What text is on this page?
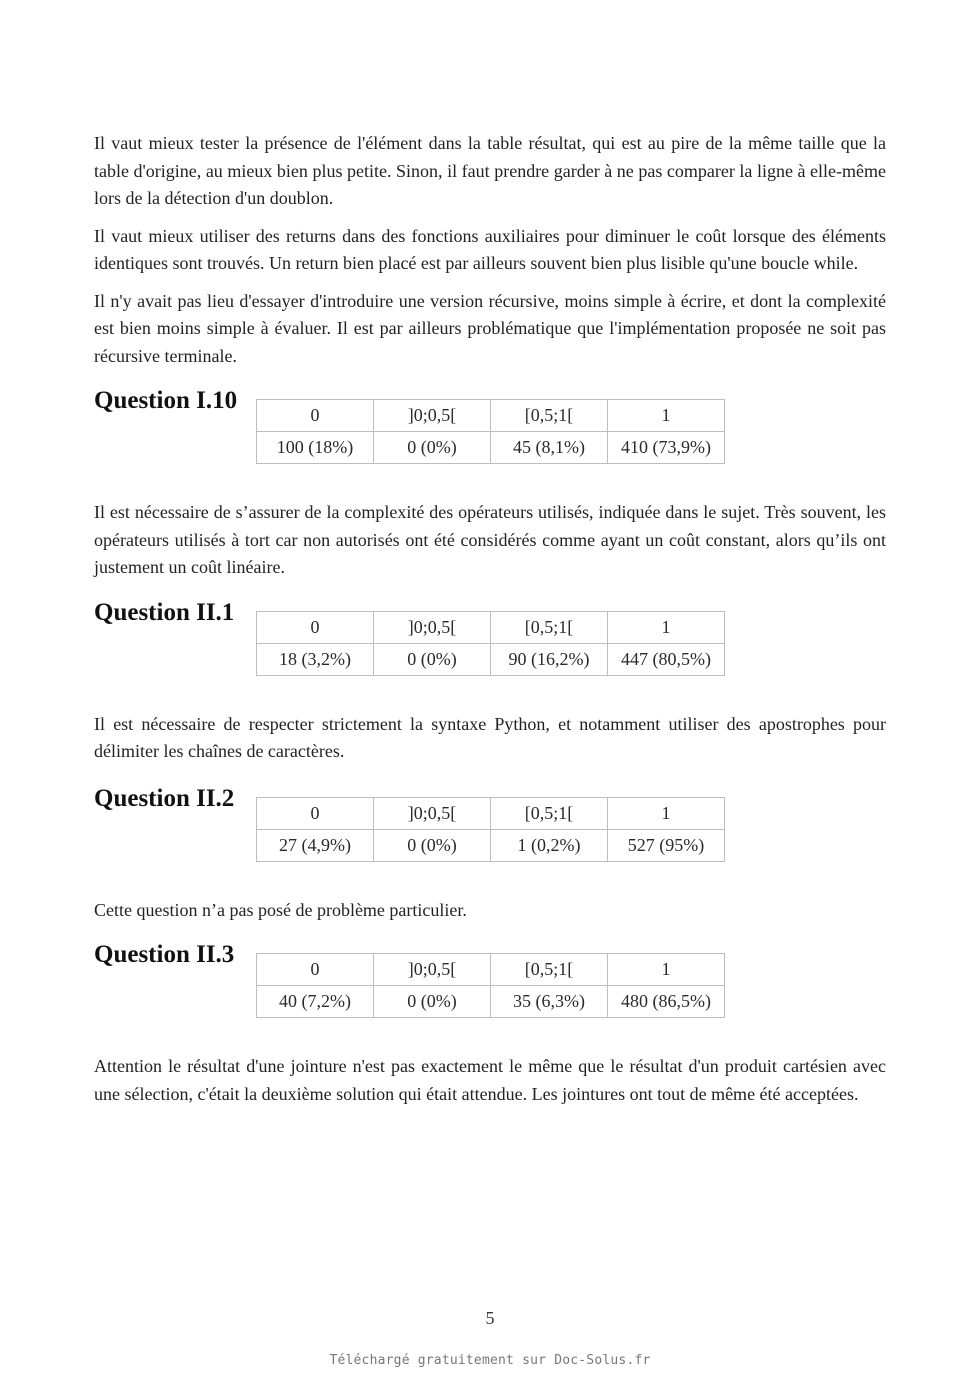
Il vaut mieux tester la présence de l'élément dans la table résultat, qui est au pire de la même taille que la table d'origine, au mieux bien plus petite. Sinon, il faut prendre garder à ne pas comparer la ligne à elle-même lors de la détection d'un doublon.

Il vaut mieux utiliser des returns dans des fonctions auxiliaires pour diminuer le coût lorsque des éléments identiques sont trouvés. Un return bien placé est par ailleurs souvent bien plus lisible qu'une boucle while.

Il n'y avait pas lieu d'essayer d'introduire une version récursive, moins simple à écrire, et dont la complexité est bien moins simple à évaluer. Il est par ailleurs problématique que l'implémentation proposée ne soit pas récursive terminale.

Question I.10
0	]0;0,5[	[0,5;1[	1
100 (18%)	0 (0%)	45 (8,1%)	410 (73,9%)

Il est nécessaire de s’assurer de la complexité des opérateurs utilisés, indiquée dans le sujet. Très souvent, les opérateurs utilisés à tort car non autorisés ont été considérés comme ayant un coût constant, alors qu’ils ont justement un coût linéaire.

Question II.1
0	]0;0,5[	[0,5;1[	1
18 (3,2%)	0 (0%)	90 (16,2%)	447 (80,5%)

Il est nécessaire de respecter strictement la syntaxe Python, et notamment utiliser des apostrophes pour délimiter les chaînes de caractères.

Question II.2
0	]0;0,5[	[0,5;1[	1
27 (4,9%)	0 (0%)	1 (0,2%)	527 (95%)

Cette question n’a pas posé de problème particulier.

Question II.3
0	]0;0,5[	[0,5;1[	1
40 (7,2%)	0 (0%)	35 (6,3%)	480 (86,5%)

Attention le résultat d'une jointure n'est pas exactement le même que le résultat d'un produit cartésien avec une sélection, c'était la deuxième solution qui était attendue. Les jointures ont tout de même été acceptées.

5
Téléchargé gratuitement sur Doc-Solus.fr
